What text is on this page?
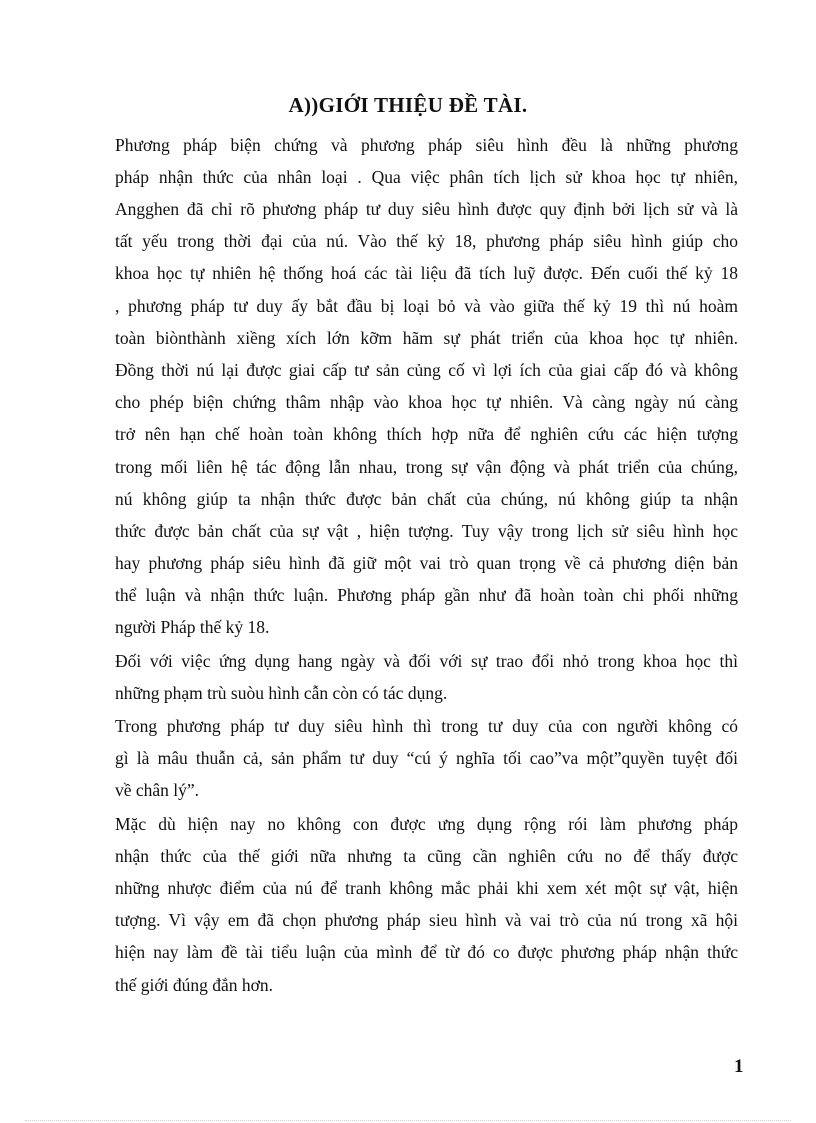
A))GIỚI THIỆU ĐỀ TÀI.

Phương pháp biện chứng và phương pháp siêu hình đều là những phương

pháp nhận thức của nhân loại . Qua việc phân tích lịch sử khoa học tự nhiên,

Angghen đã chỉ rõ phương pháp tư duy siêu hình được quy định bởi lịch sử và là

tất yếu trong thời đại của nú. Vào thế kỷ 18, phương pháp siêu hình giúp cho

khoa học tự nhiên hệ thống hoá các tài liệu đã tích luỹ được. Đến cuối thế kỷ 18

, phương pháp tư duy ấy bắt đầu bị loại bỏ và vào giữa thế kỷ 19 thì nú hoàm

toàn biònthành xiềng xích lớn kỡm hãm sự phát triển của khoa học tự nhiên.

Đồng thời nú lại được giai cấp tư sản củng cố vì lợi ích của giai cấp đó và không

cho phép biện chứng thâm nhập vào khoa học tự nhiên. Và càng ngày nú càng

trở nên hạn chế hoàn toàn không thích hợp nữa để nghiên cứu các hiện tượng

trong mối liên hệ tác động lẫn nhau, trong sự vận động và phát triển của chúng,

nú không giúp ta nhận thức được bản chất của chúng, nú không giúp ta nhận

thức được bản chất của sự vật , hiện tượng. Tuy vậy trong lịch sử siêu hình học

hay phương pháp siêu hình đã giữ một vai trò quan trọng về cả phương diện bản

thể luận và nhận thức luận. Phương pháp gần như đã hoàn toàn chi phối những

người Pháp thế kỷ 18.

Đối với việc ứng dụng hang ngày và đối với sự trao đổi nhỏ trong khoa học thì

những phạm trù suòu hình cẫn còn có tác dụng.

Trong phương pháp tư duy siêu hình thì trong tư duy của con người không có

gì là mâu thuẫn cả, sản phẩm tư duy “cú ý nghĩa tối cao”va một”quyền tuyệt đối

về chân lý”.

Mặc dù hiện nay no không con được ưng dụng rộng rói làm phương pháp

nhận thức của thế giới nữa nhưng ta cũng cần nghiên cứu no để thấy được

những nhược điểm của nú để tranh không mắc phải khi xem xét một sự vật, hiện

tượng. Vì vậy em đã chọn phương pháp sieu hình và vai trò của nú trong xã hội

hiện nay làm đề tài tiểu luận của mình để từ đó co được phương pháp nhận thức

thế giới đúng đắn hơn.

1
